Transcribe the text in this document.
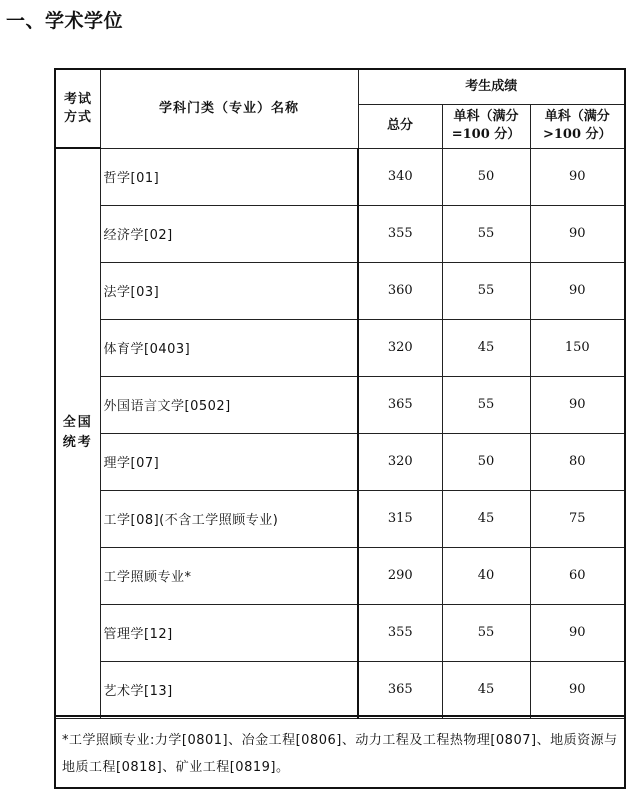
一、学术学位
考试方式	学科门类（专业）名称	考生成绩		
		总分	单科（满分=100 分）	单科（满分>100 分）
全国统考	哲学[01]	340	50	90
	经济学[02]	355	55	90
	法学[03]	360	55	90
	体育学[0403]	320	45	150
	外国语言文学[0502]	365	55	90
	理学[07]	320	50	80
	工学[08](不含工学照顾专业)	315	45	75
	工学照顾专业*	290	40	60
	管理学[12]	355	55	90
	艺术学[13]	365	45	90
*工学照顾专业:力学[0801]、冶金工程[0806]、动力工程及工程热物理[0807]、地质资源与地质工程[0818]、矿业工程[0819]。
